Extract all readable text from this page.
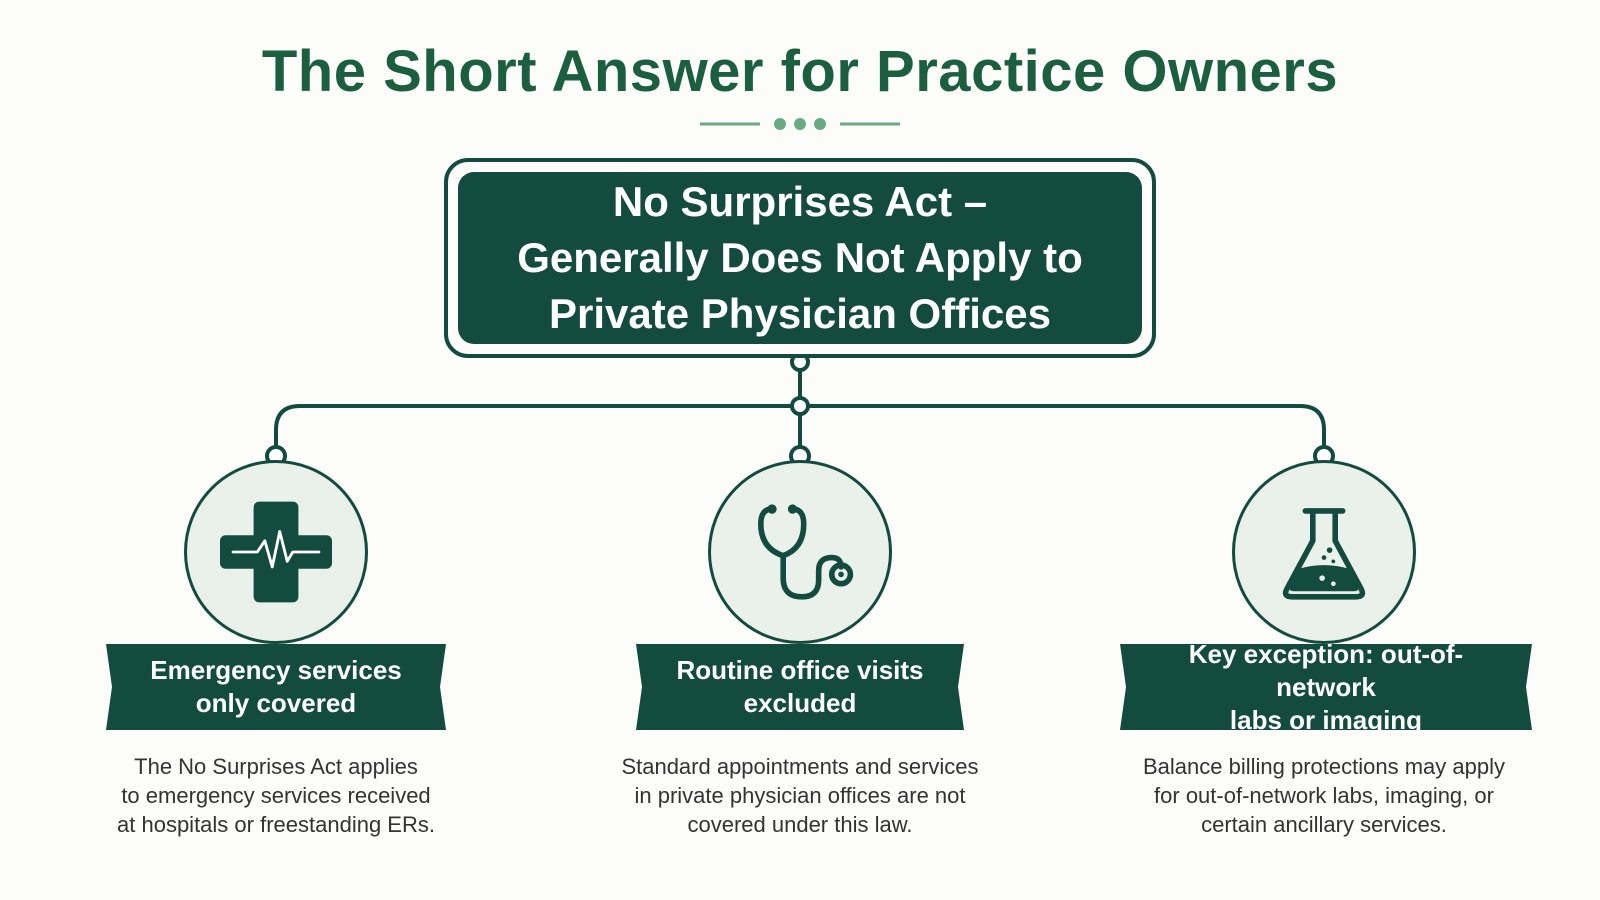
The Short Answer for Practice Owners
No Surprises Act –
Generally Does Not Apply to
Private Physician Offices
Emergency services
only covered
The No Surprises Act applies
to emergency services received
at hospitals or freestanding ERs.
Routine office visits
excluded
Standard appointments and services
in private physician offices are not
covered under this law.
Key exception: out-of-network
labs or imaging
Balance billing protections may apply
for out-of-network labs, imaging, or
certain ancillary services.
